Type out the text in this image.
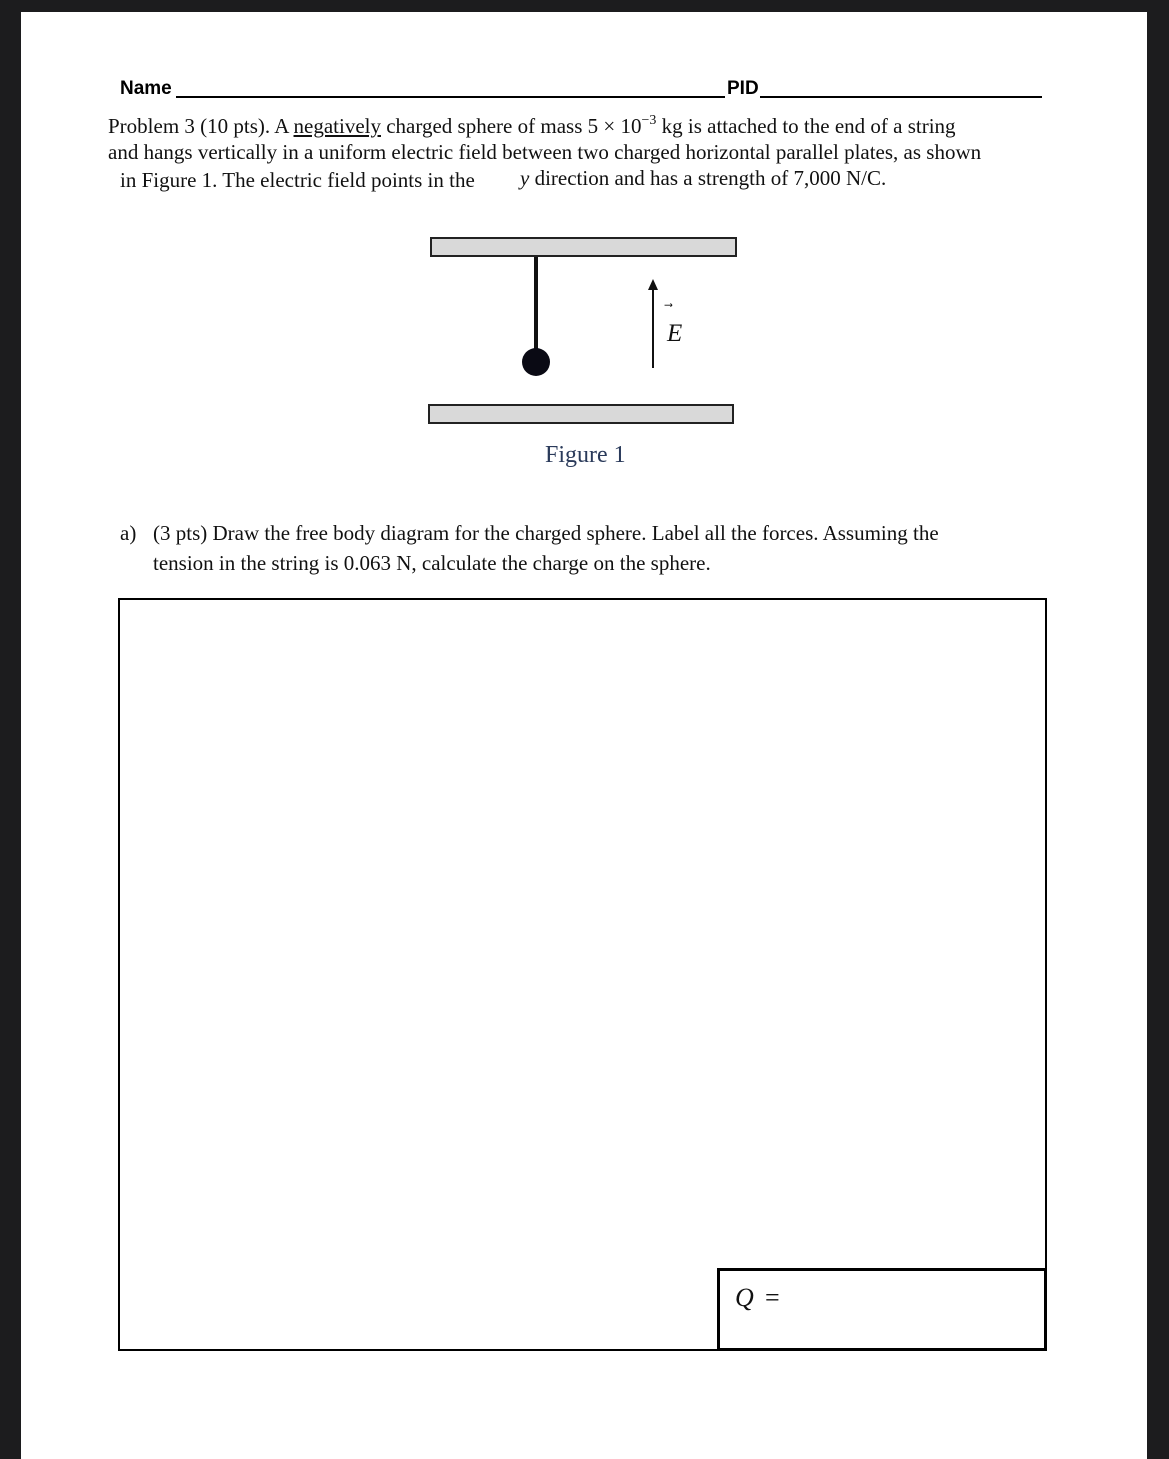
Name	PID
Problem 3 (10 pts). A negatively charged sphere of mass $5 \times 10^{-3}$ kg is attached to the end of a string
and hangs vertically in a uniform electric field between two charged horizontal parallel plates, as shown
in Figure 1. The electric field points in the y direction and has a strength of 7,000 N/C.
E
Figure 1
a) (3 pts) Draw the free body diagram for the charged sphere. Label all the forces. Assuming the
tension in the string is 0.063 N, calculate the charge on the sphere.
Q =
